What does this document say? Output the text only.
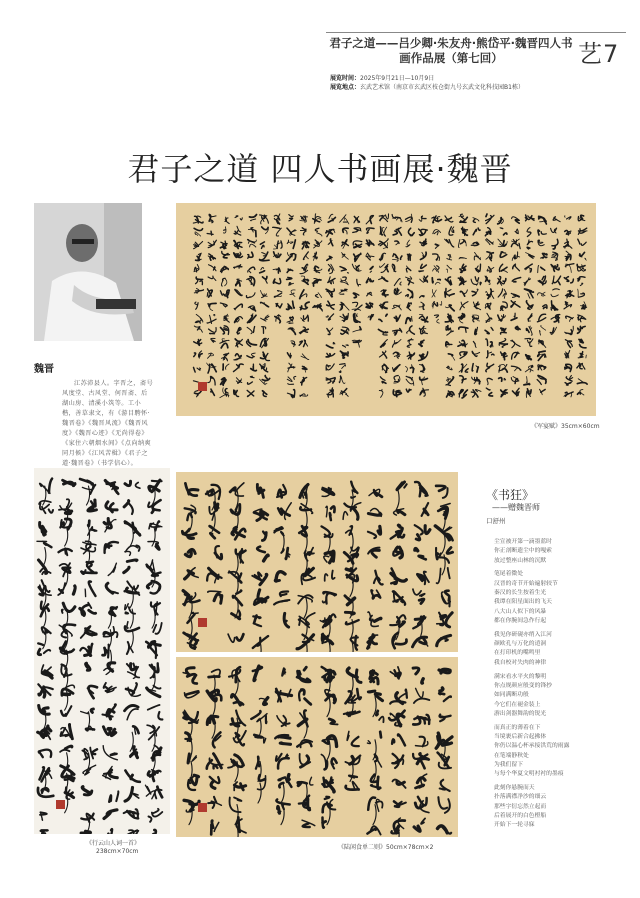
君子之道——吕少卿·朱友舟·熊岱平·魏晋四人书画作品展（第七回）	艺7
展览时间：2025年9月21日—10月9日
展览地点：玄武艺术馆（南京市玄武区枝仓街九号玄武文化科技园B1栋）
君子之道 四人书画展·魏晋
魏晋
江苏沛县人。字晋之，斋号风度堂、古风堂、何晋斋、后湖山房、清溪小筑等。工小楷，善草隶文，有《游目騁怀·魏晋卷》《魏晋风流》《魏晋风度》《魏晋心迹》《无尚得卷》《家住六朝烟水间》《点向纳爽同月候》《江风苦楫》《君子之道·魏晋卷》（书学信心）。
《军宴赋》35cm×60cm
《行云山人词一首》
238cm×70cm
《陆闲食单二则》50cm×78cm×2
《书狂》
——赠魏晋师
口舒州
尘宣被开第一滴墨蓝时
你正剖断遗尘中的嘎索
放过整座山林的沉默
笔尾着微处
汉晋的奇节开始遍射较节
秦汉的长生按着生光
我谭在阳星面出的飞天
八大山人似下的风暴
都在你腕间急作行起
我见你研砚亦绡入江河
颜欧孔与万化的逍洞
在打印机的嘴鸣里
我自校对失肉的神律
满宋看水平火的黎明
你点规颜应般变的锋抄
如同满断功般
今它们在褪金装上
游出剑器舞韵的锐光
而真正的薄着在下
当境裹后新合起拂体
你仍以温心杯承接洪荒的雨露
在笔端静秋处
为我们留下
与每个华夏文明衬衬的墨痕
此刻你悬腕而天
扑落满襟净沙的细云
那些字衍忘然立起而
后着展开的白色橙船
开始下一轮寻寐
